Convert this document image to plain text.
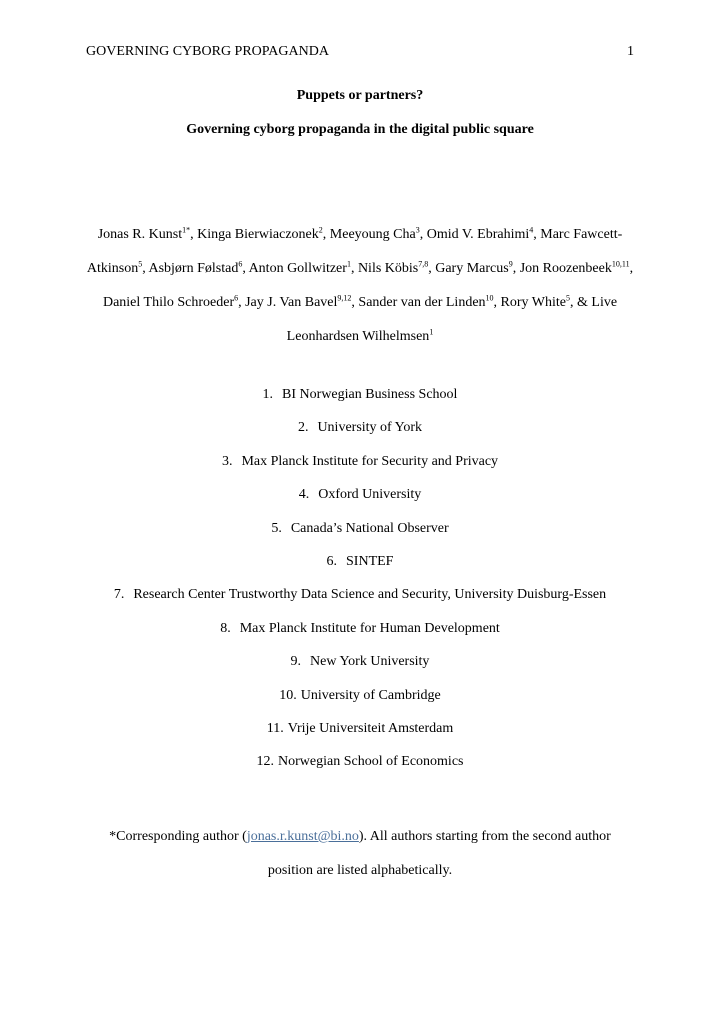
GOVERNING CYBORG PROPAGANDA	1
Puppets or partners?
Governing cyborg propaganda in the digital public square
Jonas R. Kunst$^{1*}$, Kinga Bierwiaczonek$^2$, Meeyoung Cha$^3$, Omid V. Ebrahimi$^4$, Marc Fawcett-Atkinson$^5$, Asbjørn Følstad$^6$, Anton Gollwitzer$^1$, Nils Köbis$^{7,8}$, Gary Marcus$^9$, Jon Roozenbeek$^{10,11}$, Daniel Thilo Schroeder$^6$, Jay J. Van Bavel$^{9,12}$, Sander van der Linden$^{10}$, Rory White$^5$, & Live Leonhardsen Wilhelmsen$^1$
1. BI Norwegian Business School
2. University of York
3. Max Planck Institute for Security and Privacy
4. Oxford University
5. Canada’s National Observer
6. SINTEF
7. Research Center Trustworthy Data Science and Security, University Duisburg-Essen
8. Max Planck Institute for Human Development
9. New York University
10. University of Cambridge
11. Vrije Universiteit Amsterdam
12. Norwegian School of Economics
*Corresponding author (jonas.r.kunst@bi.no). All authors starting from the second author position are listed alphabetically.
